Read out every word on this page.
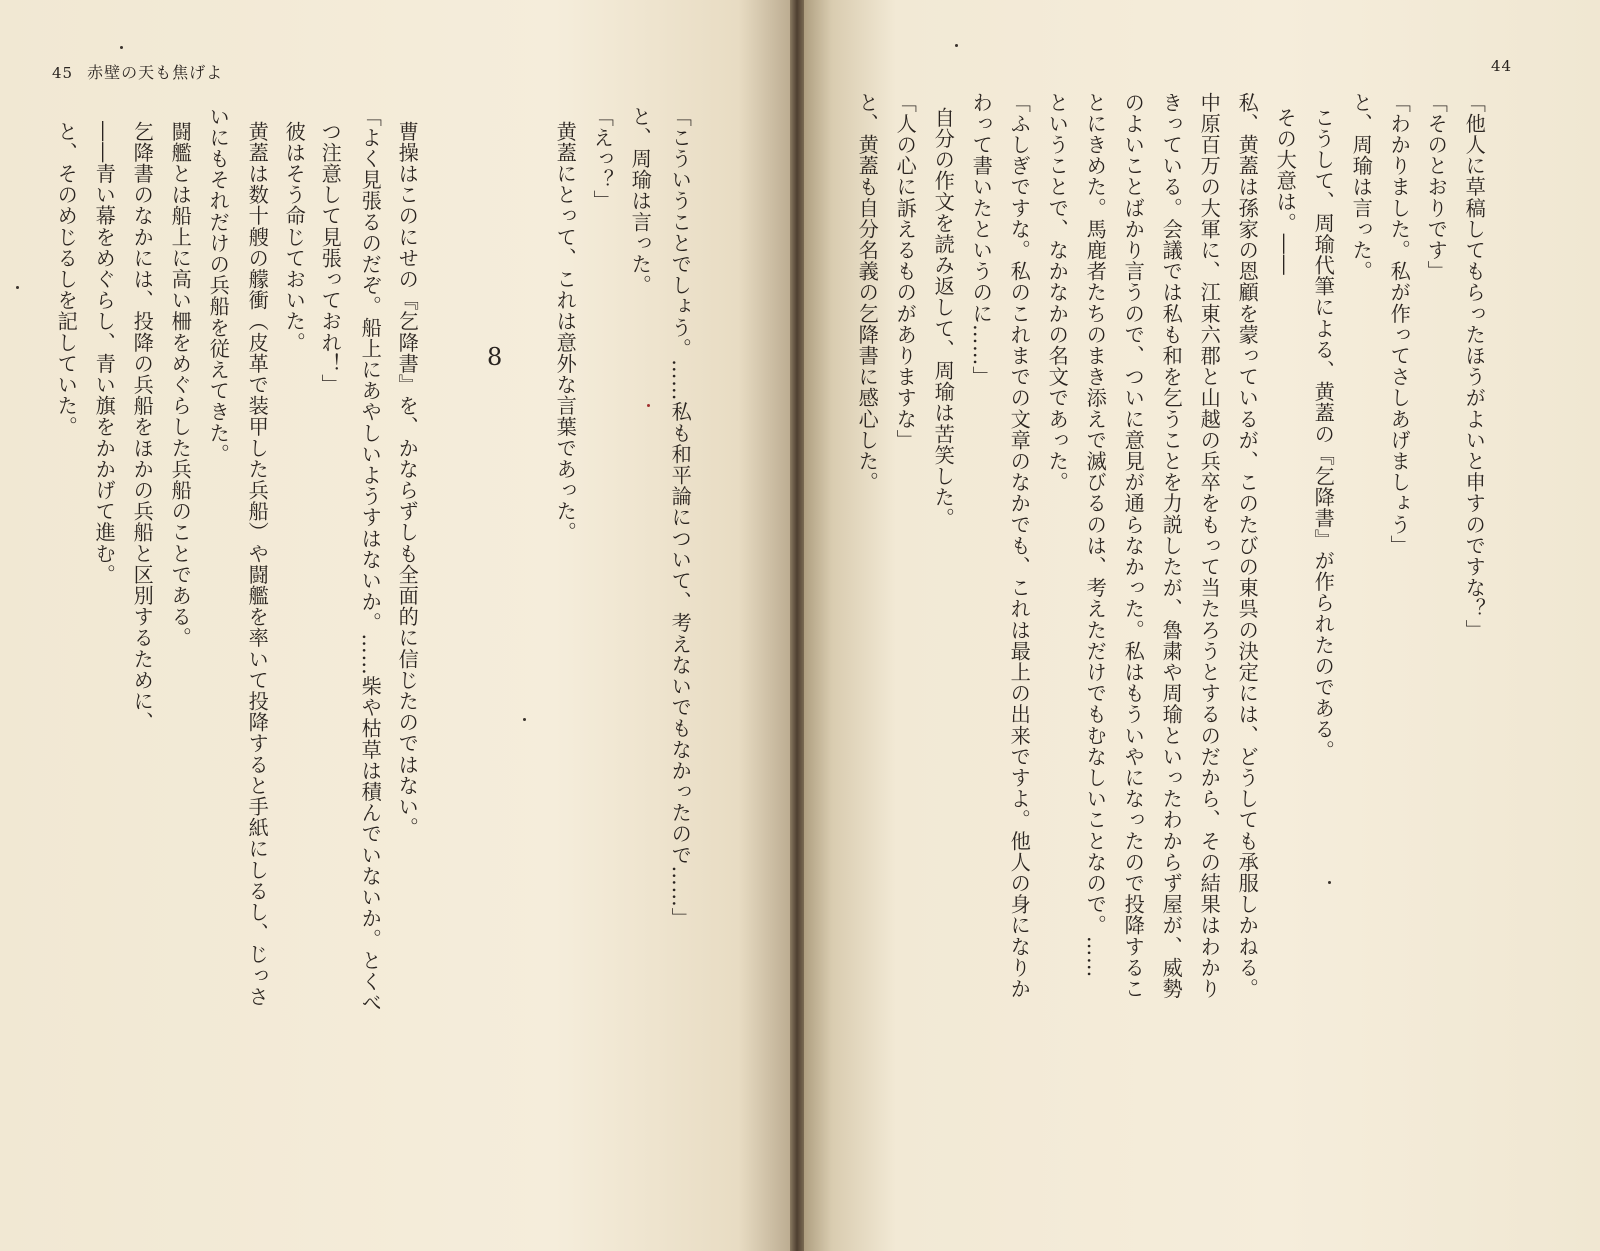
45 赤壁の天も焦げよ	44
8	「こういうことでしょう。……私も和平論について、考えないでもなかったので……」
と、周瑜は言った。
「えっ？」
黄蓋にとって、これは意外な言葉であった。
曹操はこのにせの『乞降書』を、かならずしも全面的に信じたのではない。
「よく見張るのだぞ。船上にあやしいようすはないか。……柴や枯草は積んでいないか。とくべ
つ注意して見張っておれ！」
彼はそう命じておいた。
黄蓋は数十艘の艨衝（皮革で装甲した兵船）や闘艦を率いて投降すると手紙にしるし、じっさ
いにもそれだけの兵船を従えてきた。
闘艦とは船上に高い柵をめぐらした兵船のことである。
乞降書のなかには、投降の兵船をほかの兵船と区別するために、
――青い幕をめぐらし、青い旗をかかげて進む。
と、そのめじるしを記していた。	「他人に草稿してもらったほうがよいと申すのですな？」
「そのとおりです」
「わかりました。私が作ってさしあげましょう」
と、周瑜は言った。
こうして、周瑜代筆による、黄蓋の『乞降書』が作られたのである。
その大意は。――
私、黄蓋は孫家の恩顧を蒙っているが、このたびの東呉の決定には、どうしても承服しかねる。
中原百万の大軍に、江東六郡と山越の兵卒をもって当たろうとするのだから、その結果はわかり
きっている。会議では私も和を乞うことを力説したが、魯粛や周瑜といったわからず屋が、威勢
のよいことばかり言うので、ついに意見が通らなかった。私はもういやになったので投降するこ
とにきめた。馬鹿者たちのまき添えで滅びるのは、考えただけでもむなしいことなので。……
ということで、なかなかの名文であった。
「ふしぎですな。私のこれまでの文章のなかでも、これは最上の出来ですよ。他人の身になりか
わって書いたというのに……」
自分の作文を読み返して、周瑜は苦笑した。
「人の心に訴えるものがありますな」
と、黄蓋も自分名義の乞降書に感心した。
